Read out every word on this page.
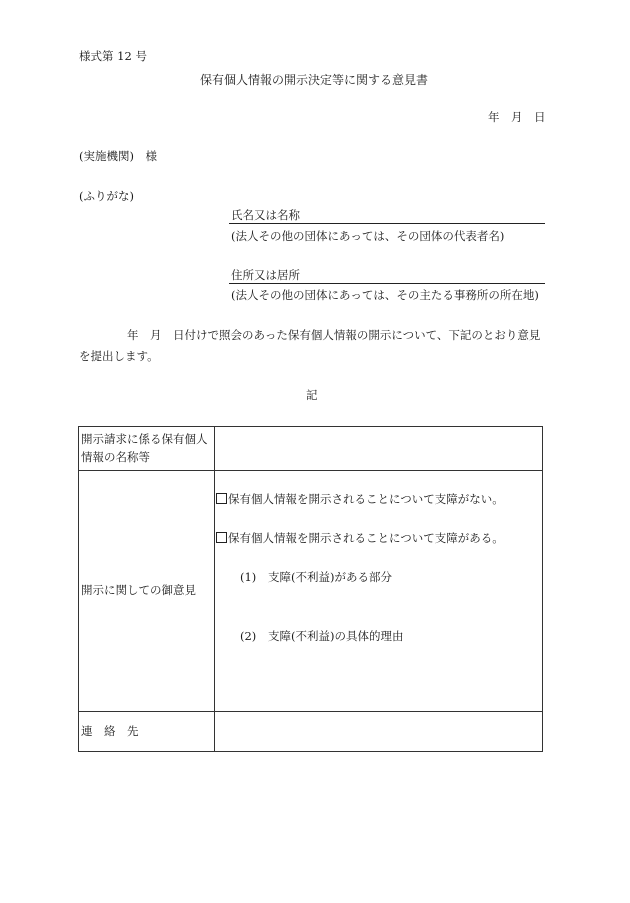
様式第 12 号
保有個人情報の開示決定等に関する意見書
年　月　日
(実施機関)　様
(ふりがな)
氏名又は名称
(法人その他の団体にあっては、その団体の代表者名)
住所又は居所
(法人その他の団体にあっては、その主たる事務所の所在地)
年　月　日付けで照会のあった保有個人情報の開示について、下記のとおり意見
を提出します。
記
開示請求に係る保有個人
情報の名称等	

開示に関しての御意見	保有個人情報を開示されることについて支障がない。
保有個人情報を開示されることについて支障がある。
(1) 支障(不利益)がある部分
(2) 支障(不利益)の具体的理由

連　絡　先	
